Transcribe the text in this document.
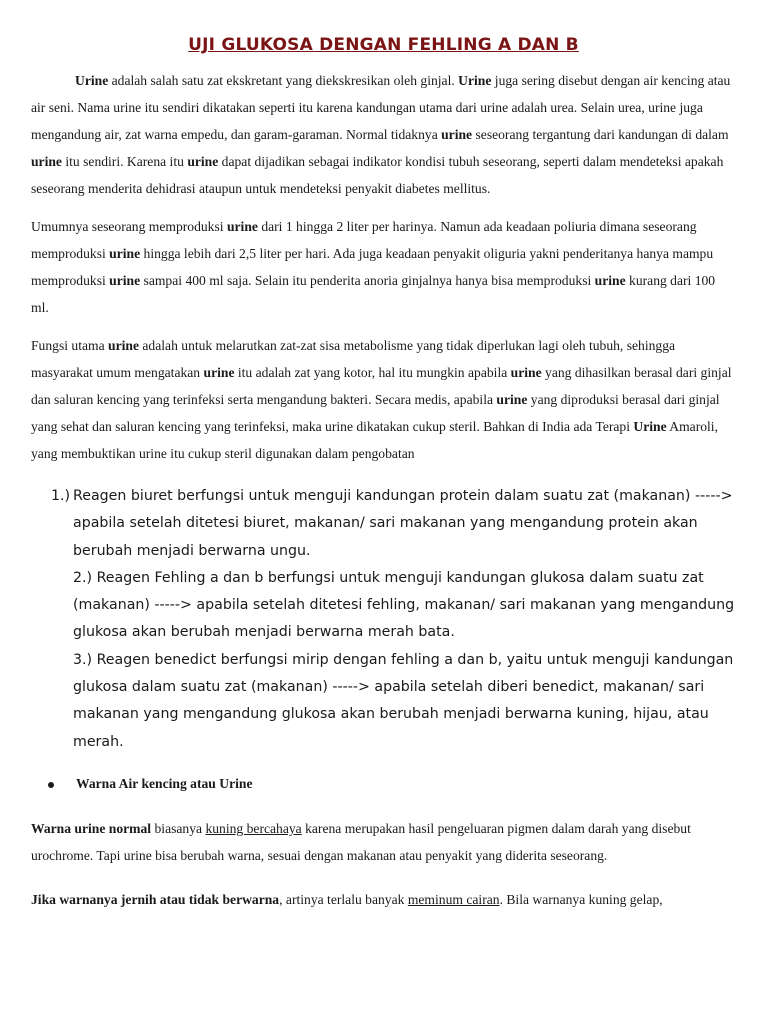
UJI GLUKOSA DENGAN FEHLING A DAN B

Urine adalah salah satu zat ekskretant yang diekskresikan oleh ginjal. Urine juga sering disebut dengan air kencing atau air seni. Nama urine itu sendiri dikatakan seperti itu karena kandungan utama dari urine adalah urea. Selain urea, urine juga mengandung air, zat warna empedu, dan garam-garaman. Normal tidaknya urine seseorang tergantung dari kandungan di dalam urine itu sendiri. Karena itu urine dapat dijadikan sebagai indikator kondisi tubuh seseorang, seperti dalam mendeteksi apakah seseorang menderita dehidrasi ataupun untuk mendeteksi penyakit diabetes mellitus.

Umumnya seseorang memproduksi urine dari 1 hingga 2 liter per harinya. Namun ada keadaan poliuria dimana seseorang memproduksi urine hingga lebih dari 2,5 liter per hari. Ada juga keadaan penyakit oliguria yakni penderitanya hanya mampu memproduksi urine sampai 400 ml saja. Selain itu penderita anoria ginjalnya hanya bisa memproduksi urine kurang dari 100 ml.

Fungsi utama urine adalah untuk melarutkan zat-zat sisa metabolisme yang tidak diperlukan lagi oleh tubuh, sehingga masyarakat umum mengatakan urine itu adalah zat yang kotor, hal itu mungkin apabila urine yang dihasilkan berasal dari ginjal dan saluran kencing yang terinfeksi serta mengandung bakteri. Secara medis, apabila urine yang diproduksi berasal dari ginjal yang sehat dan saluran kencing yang terinfeksi, maka urine dikatakan cukup steril. Bahkan di India ada Terapi Urine Amaroli, yang membuktikan urine itu cukup steril digunakan dalam pengobatan

1.) Reagen biuret berfungsi untuk menguji kandungan protein dalam suatu zat (makanan) -----> apabila setelah ditetesi biuret, makanan/ sari makanan yang mengandung protein akan berubah menjadi berwarna ungu.
2.) Reagen Fehling a dan b berfungsi untuk menguji kandungan glukosa dalam suatu zat (makanan) -----> apabila setelah ditetesi fehling, makanan/ sari makanan yang mengandung glukosa akan berubah menjadi berwarna merah bata.
3.) Reagen benedict berfungsi mirip dengan fehling a dan b, yaitu untuk menguji kandungan glukosa dalam suatu zat (makanan) -----> apabila setelah diberi benedict, makanan/ sari makanan yang mengandung glukosa akan berubah menjadi berwarna kuning, hijau, atau merah.
Warna Air kencing atau Urine

Warna urine normal biasanya kuning bercahaya karena merupakan hasil pengeluaran pigmen dalam darah yang disebut urochrome. Tapi urine bisa berubah warna, sesuai dengan makanan atau penyakit yang diderita seseorang.

Jika warnanya jernih atau tidak berwarna, artinya terlalu banyak meminum cairan. Bila warnanya kuning gelap,
